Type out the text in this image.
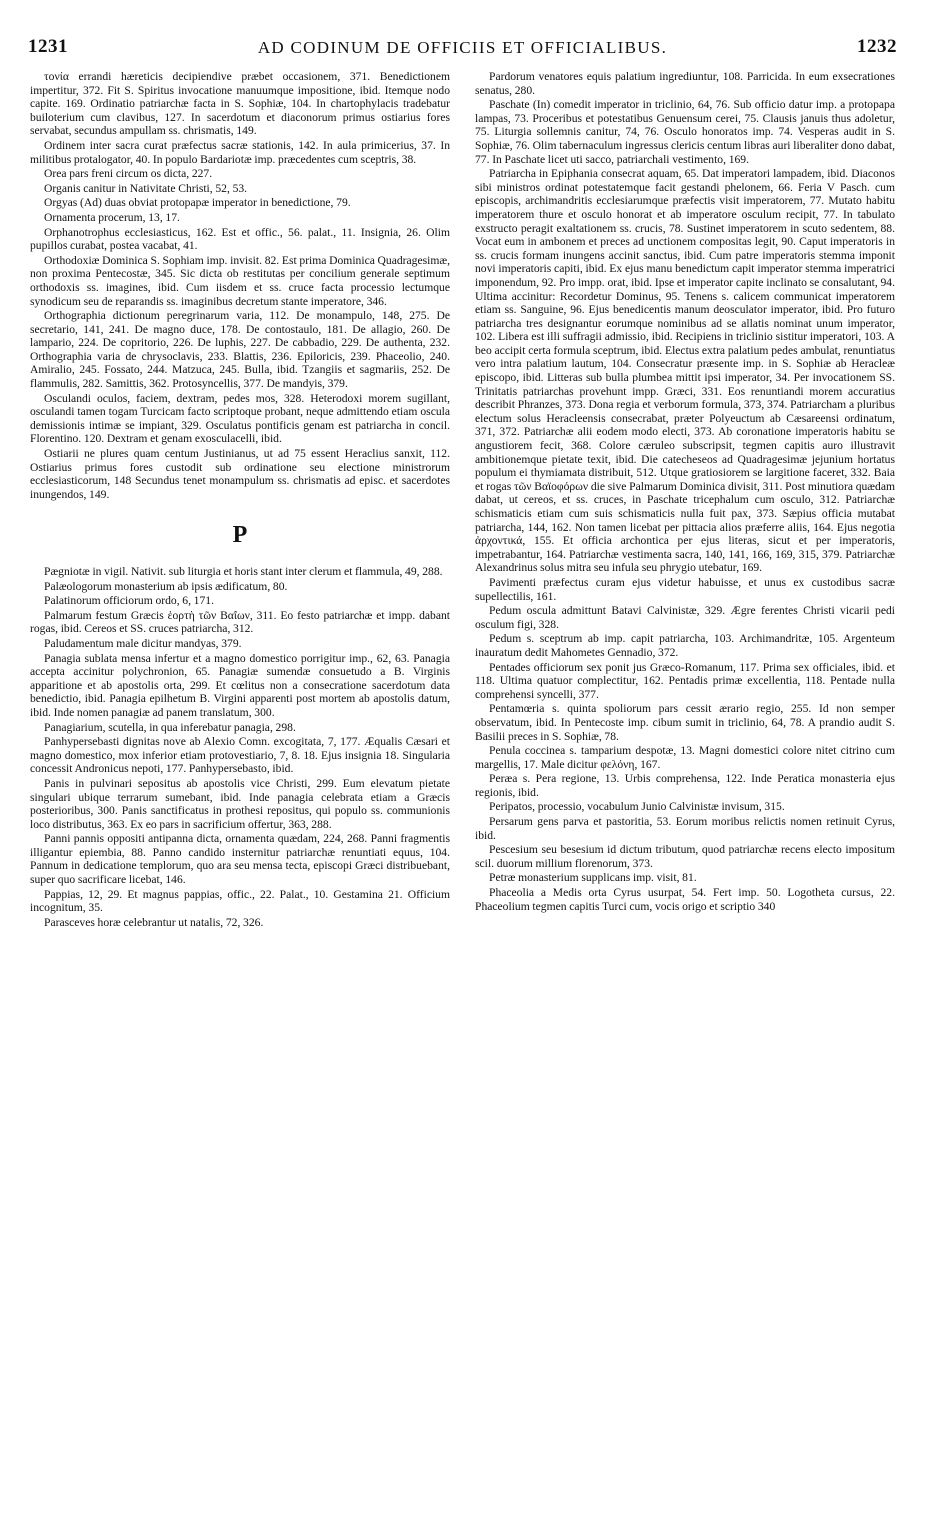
1231	AD CODINUM DE OFFICIIS ET OFFICIALIBUS.	1232

τονία errandi hæreticis decipiendive præbet occasionem, 371. Benedictionem impertitur, 372. Fit S. Spiritus invocatione manuumque impositione, ibid. Itemque nodo capite. 169. Ordinatio patriarchæ facta in S. Sophiæ, 104. In chartophylacis tradebatur builoterium cum clavibus, 127. In sacerdotum et diaconorum primus ostiarius fores servabat, secundus ampullam ss. chrismatis, 149.

Ordinem inter sacra curat præfectus sacræ stationis, 142. In aula primicerius, 37. In militibus protalogator, 40. In populo Bardariotæ imp. præcedentes cum sceptris, 38.

Orea pars freni circum os dicta, 227.

Organis canitur in Nativitate Christi, 52, 53.

Orgyas (Ad) duas obviat protopapæ imperator in benedictione, 79.

Ornamenta procerum, 13, 17.

Orphanotrophus ecclesiasticus, 162. Est et offic., 56. palat., 11. Insignia, 26. Olim pupillos curabat, postea vacabat, 41.

Orthodoxiæ Dominica S. Sophiam imp. invisit. 82. Est prima Dominica Quadragesimæ, non proxima Pentecostæ, 345. Sic dicta ob restitutas per concilium generale septimum orthodoxis ss. imagines, ibid. Cum iisdem et ss. cruce facta processio lectumque synodicum seu de reparandis ss. imaginibus decretum stante imperatore, 346.

Orthographia dictionum peregrinarum varia, 112. De monampulo, 148, 275. De secretario, 141, 241. De magno duce, 178. De contostaulo, 181. De allagio, 260. De lampario, 224. De copritorio, 226. De luphis, 227. De cabbadio, 229. De authenta, 232. Orthographia varia de chrysoclavis, 233. Blattis, 236. Epiloricis, 239. Phaceolio, 240. Amiralio, 245. Fossato, 244. Matzuca, 245. Bulla, ibid. Tzangiis et sagmariis, 252. De flammulis, 282. Samittis, 362. Protosyncellis, 377. De mandyis, 379.

Osculandi oculos, faciem, dextram, pedes mos, 328. Heterodoxi morem sugillant, osculandi tamen togam Turcicam facto scriptoque probant, neque admittendo etiam oscula demissionis intimæ se impiant, 329. Osculatus pontificis genam est patriarcha in concil. Florentino. 120. Dextram et genam exosculacelli, ibid.

Ostiarii ne plures quam centum Justinianus, ut ad 75 essent Heraclius sanxit, 112. Ostiarius primus fores custodit sub ordinatione seu electione ministrorum ecclesiasticorum, 148 Secundus tenet monampulum ss. chrismatis ad episc. et sacerdotes inungendos, 149.

P

Pægniotæ in vigil. Nativit. sub liturgia et horis stant inter clerum et flammula, 49, 288.

Palæologorum monasterium ab ipsis ædificatum, 80.

Palatinorum officiorum ordo, 6, 171.

Palmarum festum Græcis ἑορτὴ τῶν Βαΐων, 311. Eo festo patriarchæ et impp. dabant rogas, ibid. Cereos et SS. cruces patriarcha, 312.

Paludamentum male dicitur mandyas, 379.

Panagia sublata mensa infertur et a magno domestico porrigitur imp., 62, 63. Panagia accepta accinitur polychronion, 65. Panagiæ sumendæ consuetudo a B. Virginis apparitione et ab apostolis orta, 299. Et cœlitus non a consecratione sacerdotum data benedictio, ibid. Panagia epilhetum B. Virgini apparenti post mortem ab apostolis datum, ibid. Inde nomen panagiæ ad panem translatum, 300.

Panagiarium, scutella, in qua inferebatur panagia, 298.

Panhypersebasti dignitas nove ab Alexio Comn. excogitata, 7, 177. Æqualis Cæsari et magno domestico, mox inferior etiam protovestiario, 7, 8. 18. Ejus insignia 18. Singularia concessit Andronicus nepoti, 177. Panhypersebasto, ibid.

Panis in pulvinari sepositus ab apostolis vice Christi, 299. Eum elevatum pietate singulari ubique terrarum sumebant, ibid. Inde panagia celebrata etiam a Græcis posterioribus, 300. Panis sanctificatus in prothesi repositus, qui populo ss. communionis loco distributus, 363. Ex eo pars in sacrificium offertur, 363, 288.

Panni pannis oppositi antipanna dicta, ornamenta quædam, 224, 268. Panni fragmentis illigantur epiembia, 88. Panno candido insternitur patriarchæ renuntiati equus, 104. Pannum in dedicatione templorum, quo ara seu mensa tecta, episcopi Græci distribuebant, super quo sacrificare licebat, 146.

Pappias, 12, 29. Et magnus pappias, offic., 22. Palat., 10. Gestamina 21. Officium incognitum, 35.

Parasceves horæ celebrantur ut natalis, 72, 326.

Pardorum venatores equis palatium ingrediuntur, 108. Parricida. In eum exsecrationes senatus, 280.

Paschate (In) comedit imperator in triclinio, 64, 76. Sub officio datur imp. a protopapa lampas, 73. Proceribus et potestatibus Genuensum cerei, 75. Clausis januis thus adoletur, 75. Liturgia sollemnis canitur, 74, 76. Osculo honoratos imp. 74. Vesperas audit in S. Sophiæ, 76. Olim tabernaculum ingressus clericis centum libras auri liberaliter dono dabat, 77. In Paschate licet uti sacco, patriarchali vestimento, 169.

Patriarcha in Epiphania consecrat aquam, 65. Dat imperatori lampadem, ibid. Diaconos sibi ministros ordinat potestatemque facit gestandi phelonem, 66. Feria V Pasch. cum episcopis, archimandritis ecclesiarumque præfectis visit imperatorem, 77. Mutato habitu imperatorem thure et osculo honorat et ab imperatore osculum recipit, 77. In tabulato exstructo peragit exaltationem ss. crucis, 78. Sustinet imperatorem in scuto sedentem, 88. Vocat eum in ambonem et preces ad unctionem compositas legit, 90. Caput imperatoris in ss. crucis formam inungens accinit sanctus, ibid. Cum patre imperatoris stemma imponit novi imperatoris capiti, ibid. Ex ejus manu benedictum capit imperator stemma imperatrici imponendum, 92. Pro impp. orat, ibid. Ipse et imperator capite inclinato se consalutant, 94. Ultima accinitur: Recordetur Dominus, 95. Tenens s. calicem communicat imperatorem etiam ss. Sanguine, 96. Ejus benedicentis manum deosculator imperator, ibid. Pro futuro patriarcha tres designantur eorumque nominibus ad se allatis nominat unum imperator, 102. Libera est illi suffragii admissio, ibid. Recipiens in triclinio sistitur imperatori, 103. A beo accipit certa formula sceptrum, ibid. Electus extra palatium pedes ambulat, renuntiatus vero intra palatium lautum, 104. Consecratur præsente imp. in S. Sophiæ ab Heracleæ episcopo, ibid. Litteras sub bulla plumbea mittit ipsi imperator, 34. Per invocationem SS. Trinitatis patriarchas provehunt impp. Græci, 331. Eos renuntiandi morem accuratius describit Phranzes, 373. Dona regia et verborum formula, 373, 374. Patriarcham a pluribus electum solus Heracleensis consecrabat, præter Polyeuctum ab Cæsareensi ordinatum, 371, 372. Patriarchæ alii eodem modo electi, 373. Ab coronatione imperatoris habitu se angustiorem fecit, 368. Colore cæruleo subscripsit, tegmen capitis auro illustravit ambitionemque pietate texit, ibid. Die catecheseos ad Quadragesimæ jejunium hortatus populum ei thymiamata distribuit, 512. Utque gratiosiorem se largitione faceret, 332. Baia et rogas τῶν Βαϊοφόρων die sive Palmarum Dominica divisit, 311. Post minutiora quædam dabat, ut cereos, et ss. cruces, in Paschate tricephalum cum osculo, 312. Patriarchæ schismaticis etiam cum suis schismaticis nulla fuit pax, 373. Sæpius officia mutabat patriarcha, 144, 162. Non tamen licebat per pittacia alios præferre aliis, 164. Ejus negotia ἀρχοντικά, 155. Et officia archontica per ejus literas, sicut et per imperatoris, impetrabantur, 164. Patriarchæ vestimenta sacra, 140, 141, 166, 169, 315, 379. Patriarchæ Alexandrinus solus mitra seu infula seu phrygio utebatur, 169.

Pavimenti præfectus curam ejus videtur habuisse, et unus ex custodibus sacræ supellectilis, 161.

Pedum oscula admittunt Batavi Calvinistæ, 329. Ægre ferentes Christi vicarii pedi osculum figi, 328.

Pedum s. sceptrum ab imp. capit patriarcha, 103. Archimandritæ, 105. Argenteum inauratum dedit Mahometes Gennadio, 372.

Pentades officiorum sex ponit jus Græco-Romanum, 117. Prima sex officiales, ibid. et 118. Ultima quatuor complectitur, 162. Pentadis primæ excellentia, 118. Pentade nulla comprehensi syncelli, 377.

Pentamœria s. quinta spoliorum pars cessit ærario regio, 255. Id non semper observatum, ibid. In Pentecoste imp. cibum sumit in triclinio, 64, 78. A prandio audit S. Basilii preces in S. Sophiæ, 78.

Penula coccinea s. tamparium despotæ, 13. Magni domestici colore nitet citrino cum margellis, 17. Male dicitur φελόνη, 167.

Peræa s. Pera regione, 13. Urbis comprehensa, 122. Inde Peratica monasteria ejus regionis, ibid.

Peripatos, processio, vocabulum Junio Calvinistæ invisum, 315.

Persarum gens parva et pastoritia, 53. Eorum moribus relictis nomen retinuit Cyrus, ibid.

Pescesium seu besesium id dictum tributum, quod patriarchæ recens electo impositum scil. duorum millium florenorum, 373.

Petræ monasterium supplicans imp. visit, 81.

Phaceolia a Medis orta Cyrus usurpat, 54. Fert imp. 50. Logotheta cursus, 22. Phaceolium tegmen capitis Turci cum, vocis origo et scriptio 340
